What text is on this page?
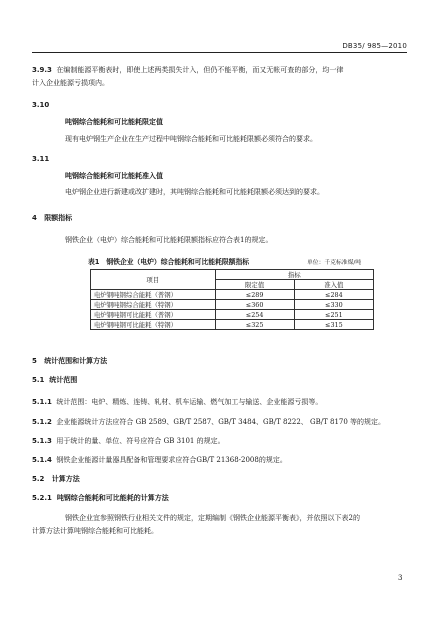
DB35/ 985—2010
3.9.3 在编制能源平衡表时，即使上述两类损失计入，但仍不能平衡，而又无帐可查的部分，均一律
计入企业能源亏损项内。
3.10
吨钢综合能耗和可比能耗限定值
现有电炉钢生产企业在生产过程中吨钢综合能耗和可比能耗限额必须符合的要求。
3.11
吨钢综合能耗和可比能耗准入值
电炉钢企业进行新建或改扩建时，其吨钢综合能耗和可比能耗限额必须达到的要求。
4 限额指标
钢铁企业（电炉）综合能耗和可比能耗限额指标应符合表1的规定。
表1　钢铁企业（电炉）综合能耗和可比能耗限额指标	单位：千克标准煤/吨
项目	指标	
	限定值	准入值
电炉钢吨钢综合能耗（普钢）	≤289	≤284
电炉钢吨钢综合能耗（特钢）	≤360	≤330
电炉钢吨钢可比能耗（普钢）	≤254	≤251
电炉钢吨钢可比能耗（特钢）	≤325	≤315
5 统计范围和计算方法
5.1 统计范围
5.1.1 统计范围：电炉、精炼、连铸、轧材、机车运输、燃气加工与输送、企业能源亏损等。
5.1.2 企业能源统计方法应符合 GB 2589、GB/T 2587、GB/T 3484、GB/T 8222、 GB/T 8170 等的规定。
5.1.3 用于统计的量、单位、符号应符合 GB 3101 的规定。
5.1.4 钢铁企业能源计量器具配备和管理要求应符合GB/T 21368-2008的规定。
5.2 计算方法
5.2.1 吨钢综合能耗和可比能耗的计算方法
钢铁企业宜参照钢铁行业相关文件的规定，定期编制《钢铁企业能源平衡表》，并依照以下表2的
计算方法计算吨钢综合能耗和可比能耗。
3
